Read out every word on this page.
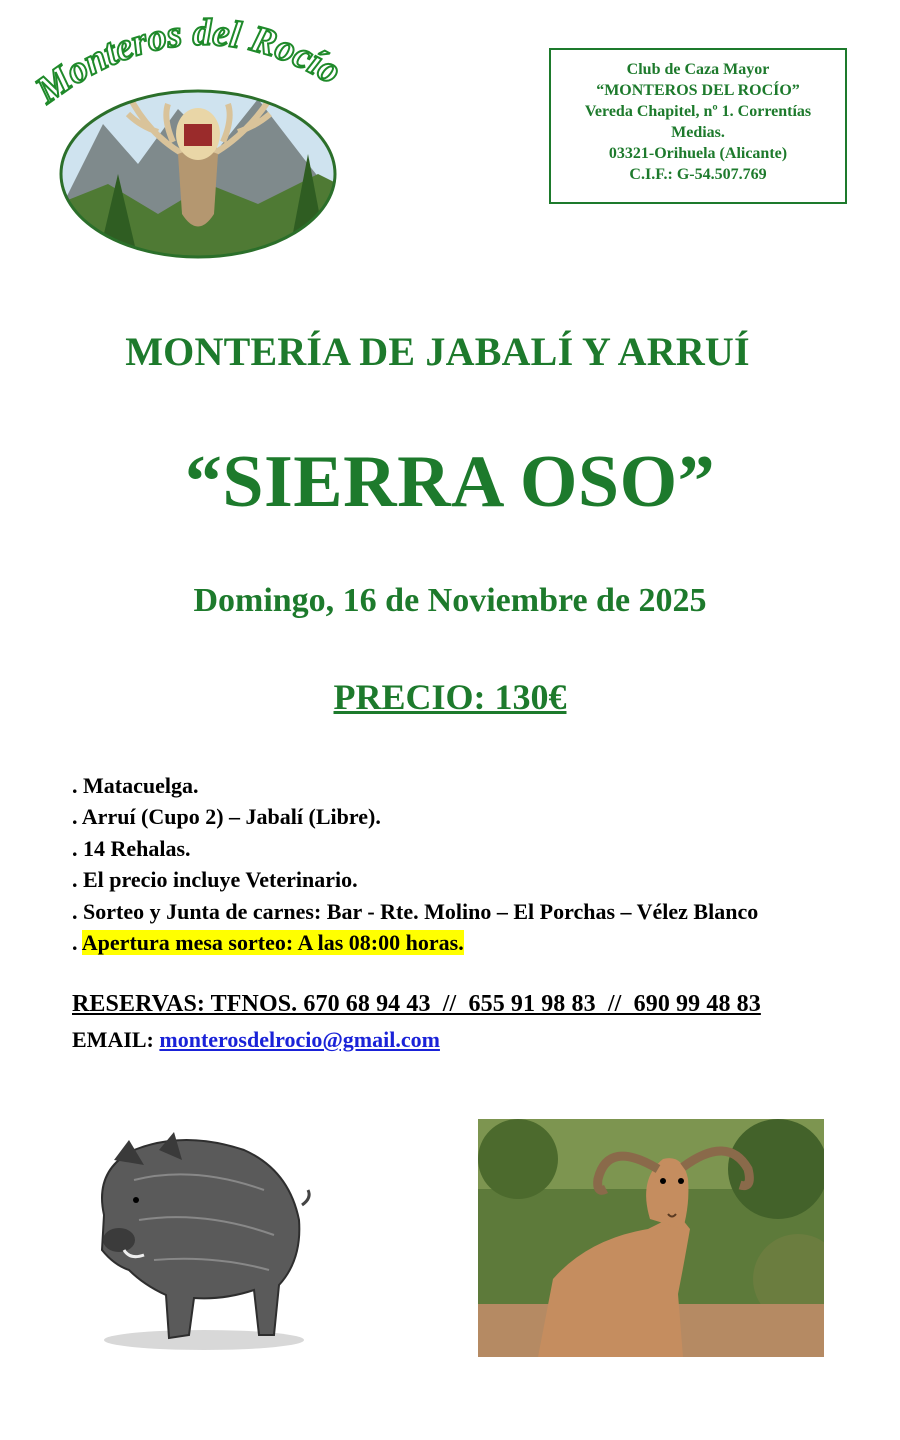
Monteros del Rocío	Club de Caza Mayor
“MONTEROS DEL ROCÍO”
Vereda Chapitel, nº 1. Correntías Medias.
03321-Orihuela (Alicante)
C.I.F.: G-54.507.769
MONTERÍA DE JABALÍ Y ARRUÍ
“SIERRA OSO”
Domingo, 16 de Noviembre de 2025
PRECIO: 130€
. Matacuelga.
. Arruí (Cupo 2) – Jabalí (Libre).
. 14 Rehalas.
. El precio incluye Veterinario.
. Sorteo y Junta de carnes: Bar - Rte. Molino – El Porchas – Vélez Blanco
. Apertura mesa sorteo: A las 08:00 horas.
RESERVAS: TFNOS. 670 68 94 43  //  655 91 98 83  //  690 99 48 83
EMAIL: monterosdelrocio@gmail.com
